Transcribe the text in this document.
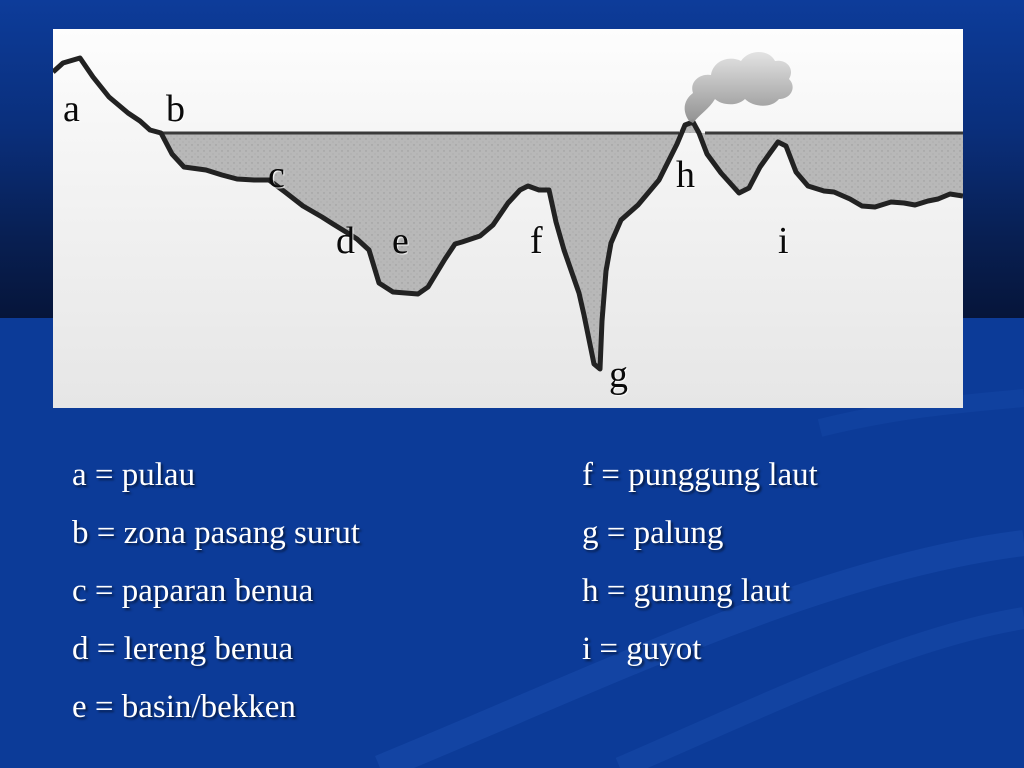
a b
c
d e	f
g
h
i
a = pulau
b = zona pasang surut
c = paparan benua
d = lereng benua
e = basin/bekken
f = punggung laut
g = palung
h = gunung laut
i = guyot
